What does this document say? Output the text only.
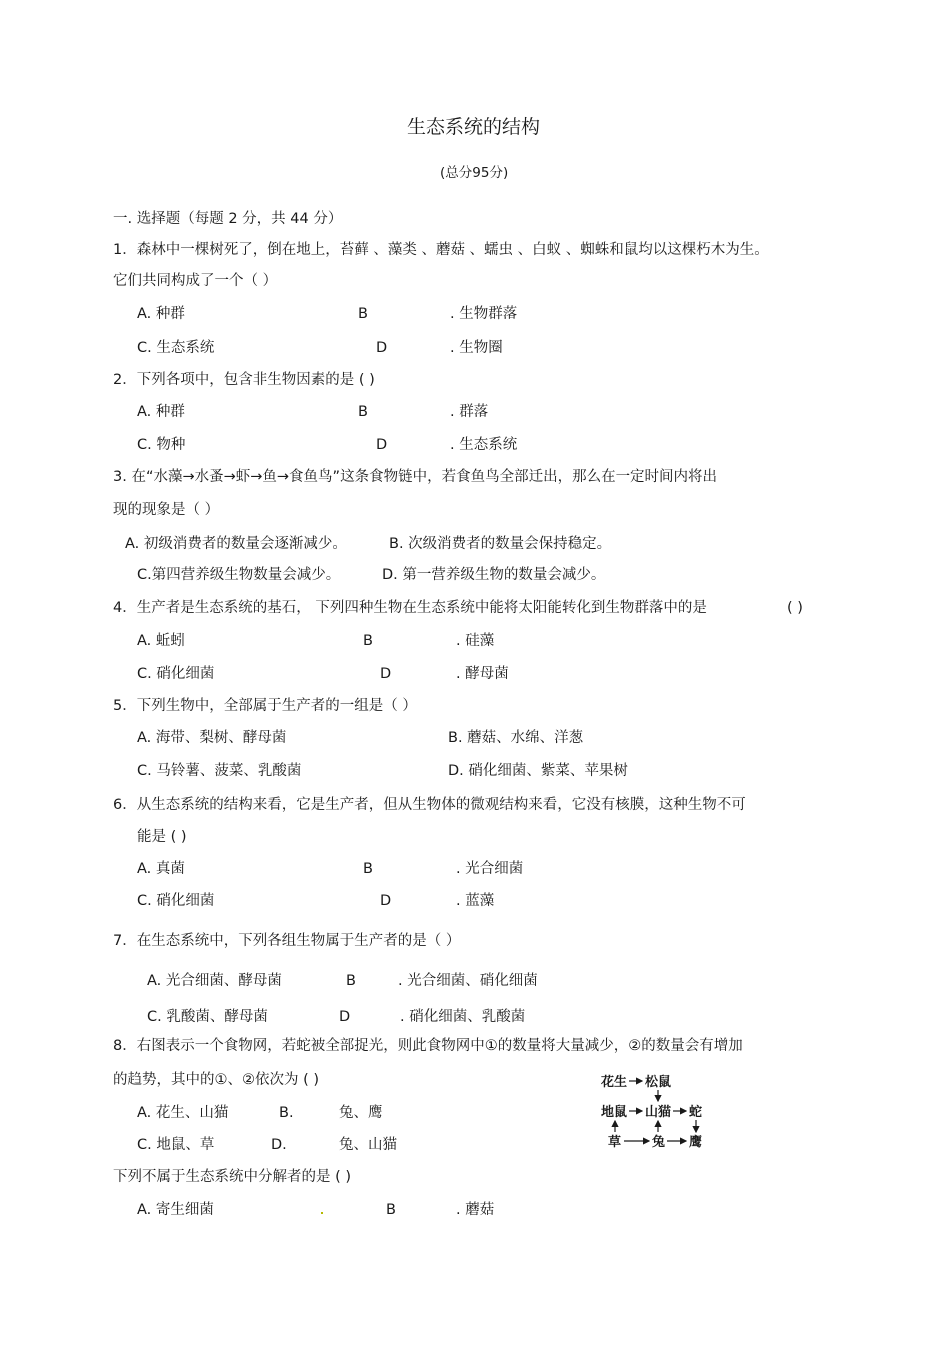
生态系统的结构
(总分95分)
一. 选择题（每题 2 分，共 44 分）
1．森林中一棵树死了，倒在地上，苔藓 、藻类 、蘑菇 、蠕虫 、白蚁 、蜘蛛和鼠均以这棵朽木为生。
它们共同构成了一个（ ）
A. 种群	B	. 生物群落
C. 生态系统	D	. 生物圈
2．下列各项中，包含非生物因素的是 ( )
A. 种群	B	. 群落
C. 物种	D	. 生态系统
3. 在“水藻→水蚤→虾→鱼→食鱼鸟”这条食物链中，若食鱼鸟全部迁出，那么在一定时间内将出
现的现象是（ ）
A. 初级消费者的数量会逐渐减少。	B. 次级消费者的数量会保持稳定。
C.第四营养级生物数量会减少。	D. 第一营养级生物的数量会减少。
4．生产者是生态系统的基石， 下列四种生物在生态系统中能将太阳能转化到生物群落中的是	( )
A. 蚯蚓	B	. 硅藻
C. 硝化细菌	D	. 酵母菌
5．下列生物中，全部属于生产者的一组是（ ）
A. 海带、梨树、酵母菌	B. 蘑菇、水绵、洋葱
C. 马铃薯、菠菜、乳酸菌	D. 硝化细菌、紫菜、苹果树
6．从生态系统的结构来看，它是生产者，但从生物体的微观结构来看，它没有核膜，这种生物不可
能是 ( )
A. 真菌	B	. 光合细菌
C. 硝化细菌	D	. 蓝藻
7．在生态系统中，下列各组生物属于生产者的是（ ）
A. 光合细菌、酵母菌	B	. 光合细菌、硝化细菌
C. 乳酸菌、酵母菌	D	. 硝化细菌、乳酸菌
8．右图表示一个食物网，若蛇被全部捉光，则此食物网中①的数量将大量减少，②的数量会有增加
的趋势，其中的①、②依次为 ( )
A. 花生、山猫	B.	兔、鹰
C. 地鼠、草	D.	兔、山猫
花生 松鼠
地鼠 山猫 蛇
草 兔 鹰
下列不属于生态系统中分解者的是 ( )
A. 寄生细菌	B	. 蘑菇
